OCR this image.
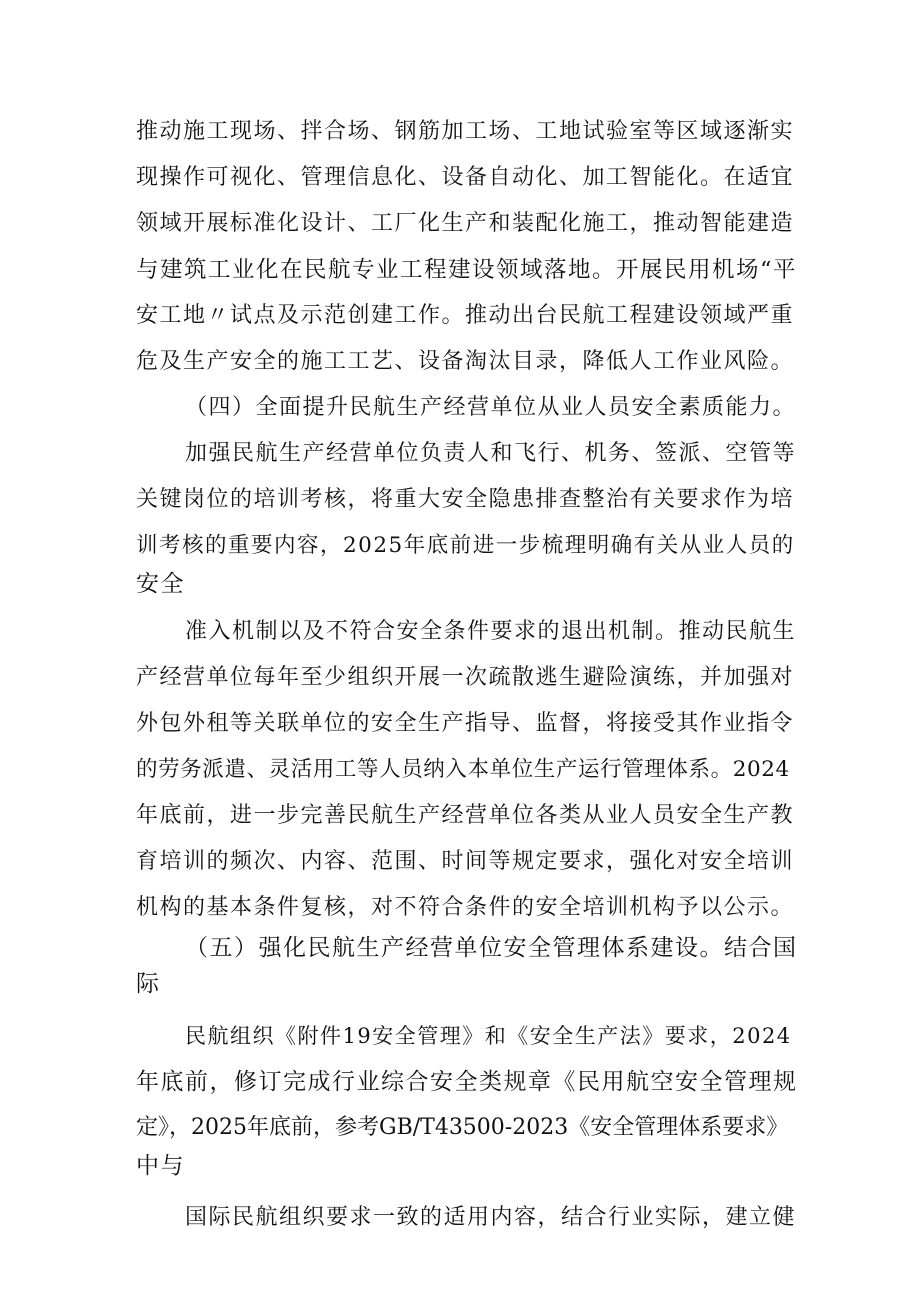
推动施工现场、拌合场、钢筋加工场、工地试验室等区域逐渐实

现操作可视化、管理信息化、设备自动化、加工智能化。在适宜

领域开展标准化设计、工厂化生产和装配化施工，推动智能建造

与建筑工业化在民航专业工程建设领域落地。开展民用机场“平

安工地〃试点及示范创建工作。推动出台民航工程建设领域严重

危及生产安全的施工工艺、设备淘汰目录，降低人工作业风险。

（四）全面提升民航生产经营单位从业人员安全素质能力。

加强民航生产经营单位负责人和飞行、机务、签派、空管等

关键岗位的培训考核，将重大安全隐患排查整治有关要求作为培

训考核的重要内容，2025年底前进一步梳理明确有关从业人员的

安全

准入机制以及不符合安全条件要求的退出机制。推动民航生

产经营单位每年至少组织开展一次疏散逃生避险演练，并加强对

外包外租等关联单位的安全生产指导、监督，将接受其作业指令

的劳务派遣、灵活用工等人员纳入本单位生产运行管理体系。2024

年底前，进一步完善民航生产经营单位各类从业人员安全生产教

育培训的频次、内容、范围、时间等规定要求，强化对安全培训

机构的基本条件复核，对不符合条件的安全培训机构予以公示。

（五）强化民航生产经营单位安全管理体系建设。结合国

际

民航组织《附件19安全管理》和《安全生产法》要求，2024

年底前，修订完成行业综合安全类规章《民用航空安全管理规

定》，2025年底前，参考GB/T43500-2023《安全管理体系要求》

中与

国际民航组织要求一致的适用内容，结合行业实际，建立健
